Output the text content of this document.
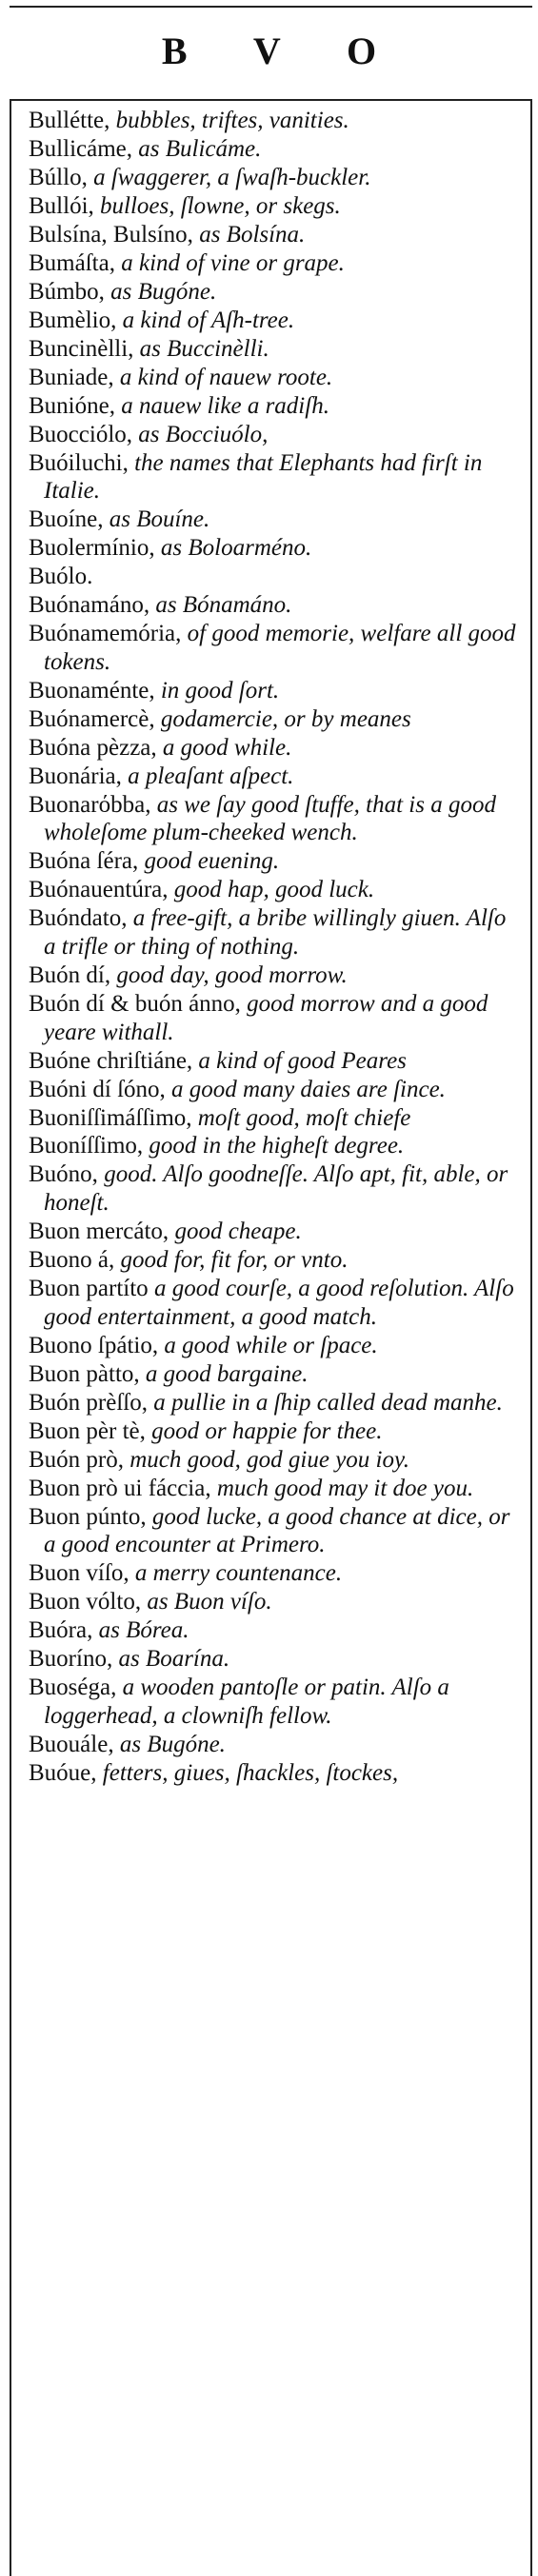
B V O
Bullétte, bubbles, triftes, vanities.
Bullicáme, as Bulicáme.
Búllo, a ſwaggerer, a ſwaſh-buckler.
Bullói, bulloes, ſlowne, or skegs.
Bulsína, Bulsíno, as Bolsína.
Bumáſta, a kind of vine or grape.
Búmbo, as Bugóne.
Bumèlio, a kind of Aſh-tree.
Buncinèlli, as Buccinèlli.
Buniade, a kind of nauew roote.
Bunióne, a nauew like a radiſh.
Buocciólo, as Bocciuólo,
Buóiluchi, the names that Elephants had firſt in Italie.
Buoíne, as Bouíne.
Buolermínio, as Boloarméno.
Buólo.
Buónamáno, as Bónamáno.
Buónamemória, of good memorie, welfare all good tokens.
Buonaménte, in good ſort.
Buónamercè, godamercie, or by meanes
Buóna pèzza, a good while.
Buonária, a pleaſant aſpect.
Buonarόbba, as we ſay good ſtuffe, that is a good wholeſome plum-cheeked wench.
Buóna ſéra, good euening.
Buónauentúra, good hap, good luck.
Buóndato, a free-gift, a bribe willingly giuen. Alſo a trifle or thing of nothing.
Buón dí, good day, good morrow.
Buón dí & buón ánno, good morrow and a good yeare withall.
Buóne chriſtiáne, a kind of good Peares
Buóni dí ſóno, a good many daies are ſince.
Buoniſſimáſſimo, moſt good, moſt chiefe
Buoníſſimo, good in the higheſt degree.
Buóno, good. Alſo goodneſſe. Alſo apt, fit, able, or honeſt.
Buon mercáto, good cheape.
Buono á, good for, fit for, or vnto.
Buon partíto a good courſe, a good reſolution. Alſo good entertainment, a good match.
Buono ſpátio, a good while or ſpace.
Buon pàtto, a good bargaine.
Buón prèſſo, a pullie in a ſhip called dead manhe.
Buon pèr tè, good or happie for thee.
Buón prò, much good, god giue you ioy.
Buon prò ui fáccia, much good may it doe you.
Buon púnto, good lucke, a good chance at dice, or a good encounter at Primero.
Buon víſo, a merry countenance.
Buon vólto, as Buon víſo.
Buóra, as Bórea.
Buoríno, as Boarína.
Buoséga, a wooden pantoſle or patin. Alſo a loggerhead, a clowniſh fellow.
Buouále, as Bugóne.
Buóue, fetters, giues, ſhackles, ſtockes,
